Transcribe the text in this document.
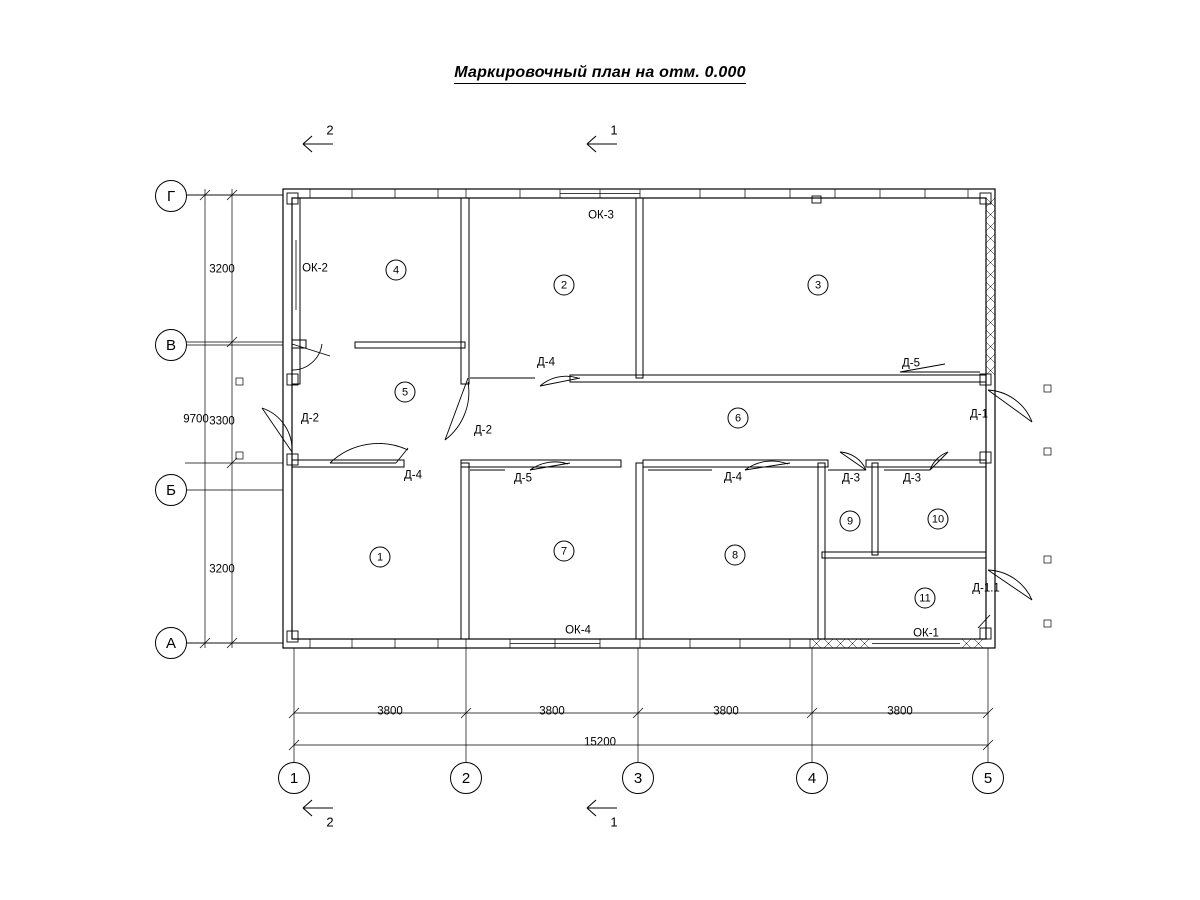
Маркировочный план на отм. 0.000
3200
3300
3200
9700
3800	3800	3800	3800
15200
Г
В
Б
А
1	2	3	4	5
2	1
2	1
1
2	3
4
5
6
7	8
9	10
11
ОК-3
ОК-2
ОК-4	ОК-1
Д-4	Д-5
Д-1
Д-2
Д-2
Д-4	Д-5	Д-4	Д-3	Д-3
Д-1.1
